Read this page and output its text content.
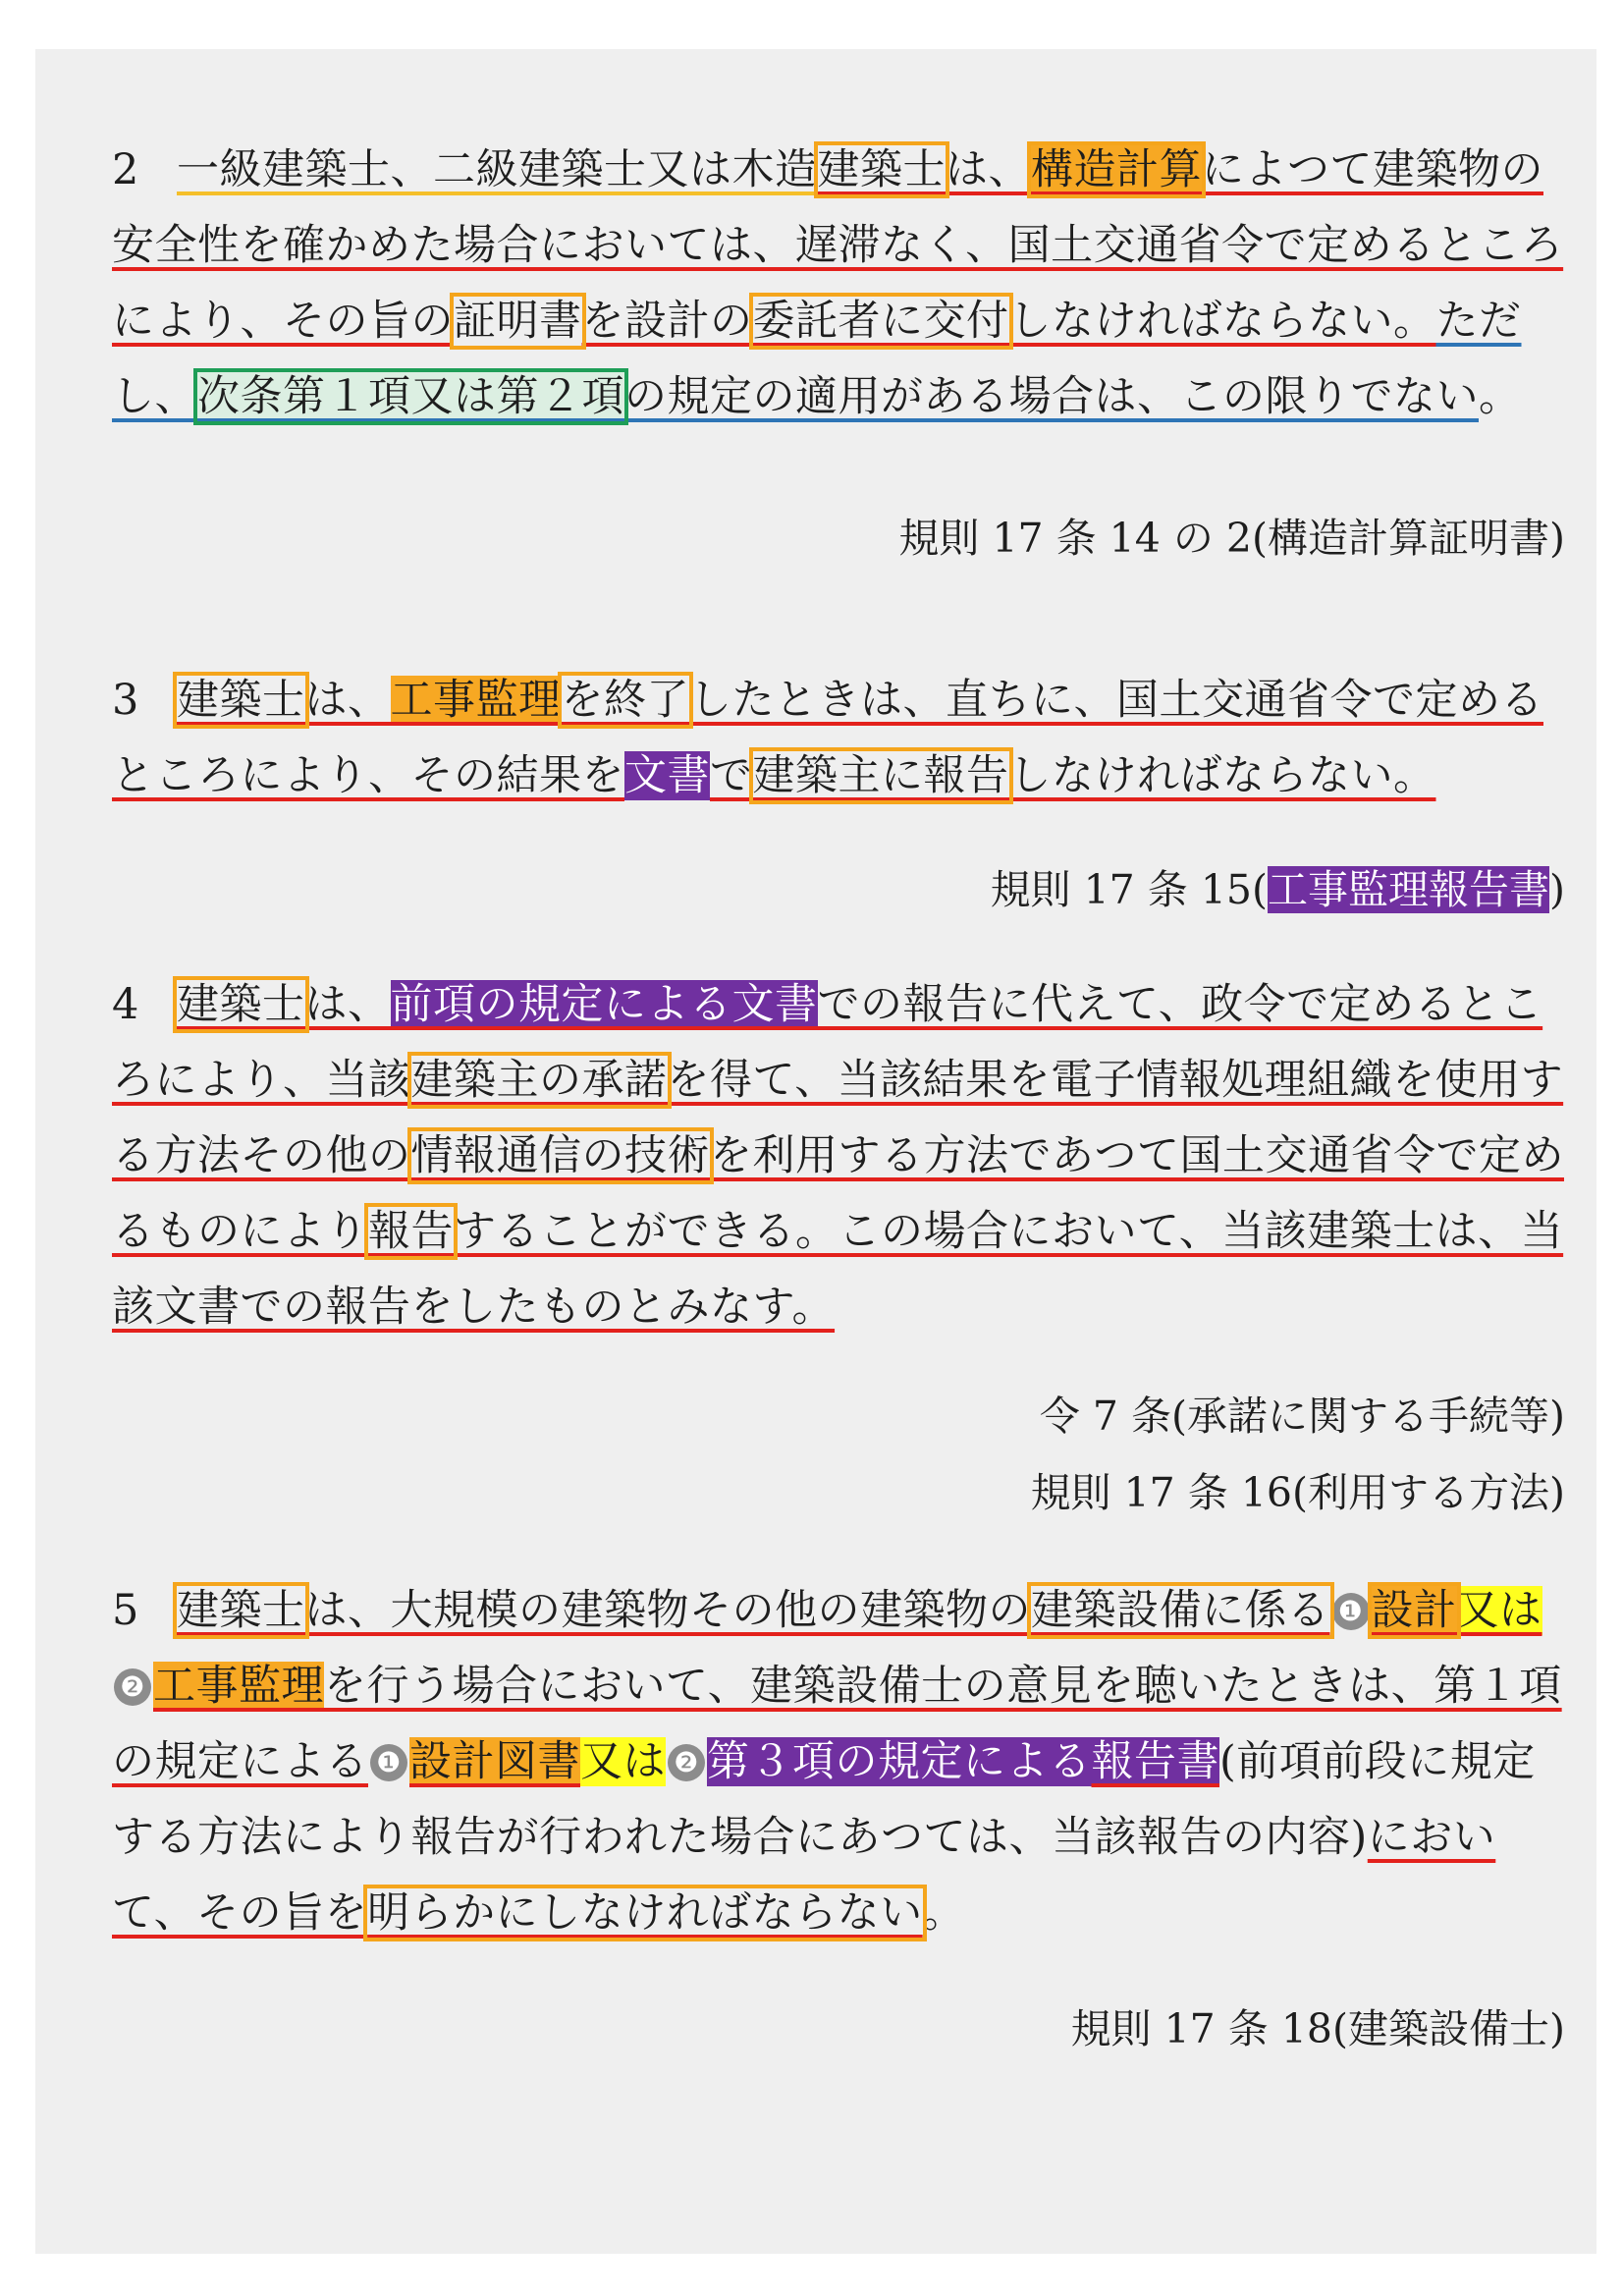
2 一級建築士、二級建築士又は木造建築士は、構造計算によつて建築物の安全性を確かめた場合においては、遅滞なく、国土交通省令で定めるところにより、その旨の証明書を設計の委託者に交付しなければならない。ただし、次条第１項又は第２項の規定の適用がある場合は、この限りでない。
規則 17 条 14 の 2(構造計算証明書)
3 建築士は、工事監理を終了したときは、直ちに、国土交通省令で定めるところにより、その結果を文書で建築主に報告しなければならない。
規則 17 条 15(工事監理報告書)
4 建築士は、前項の規定による文書での報告に代えて、政令で定めるところにより、当該建築主の承諾を得て、当該結果を電子情報処理組織を使用する方法その他の情報通信の技術を利用する方法であつて国土交通省令で定めるものにより報告することができる。この場合において、当該建築士は、当該文書での報告をしたものとみなす。
令 7 条(承諾に関する手続等)
規則 17 条 16(利用する方法)
5 建築士は、大規模の建築物その他の建築物の建築設備に係る ❶ 設計又は❷ 工事監理を行う場合において、建築設備士の意見を聴いたときは、第１項の規定による ❶ 設計図書又は ❷ 第３項の規定による報告書(前項前段に規定する方法により報告が行われた場合にあつては、当該報告の内容)において、その旨を明らかにしなければならない。
規則 17 条 18(建築設備士)
